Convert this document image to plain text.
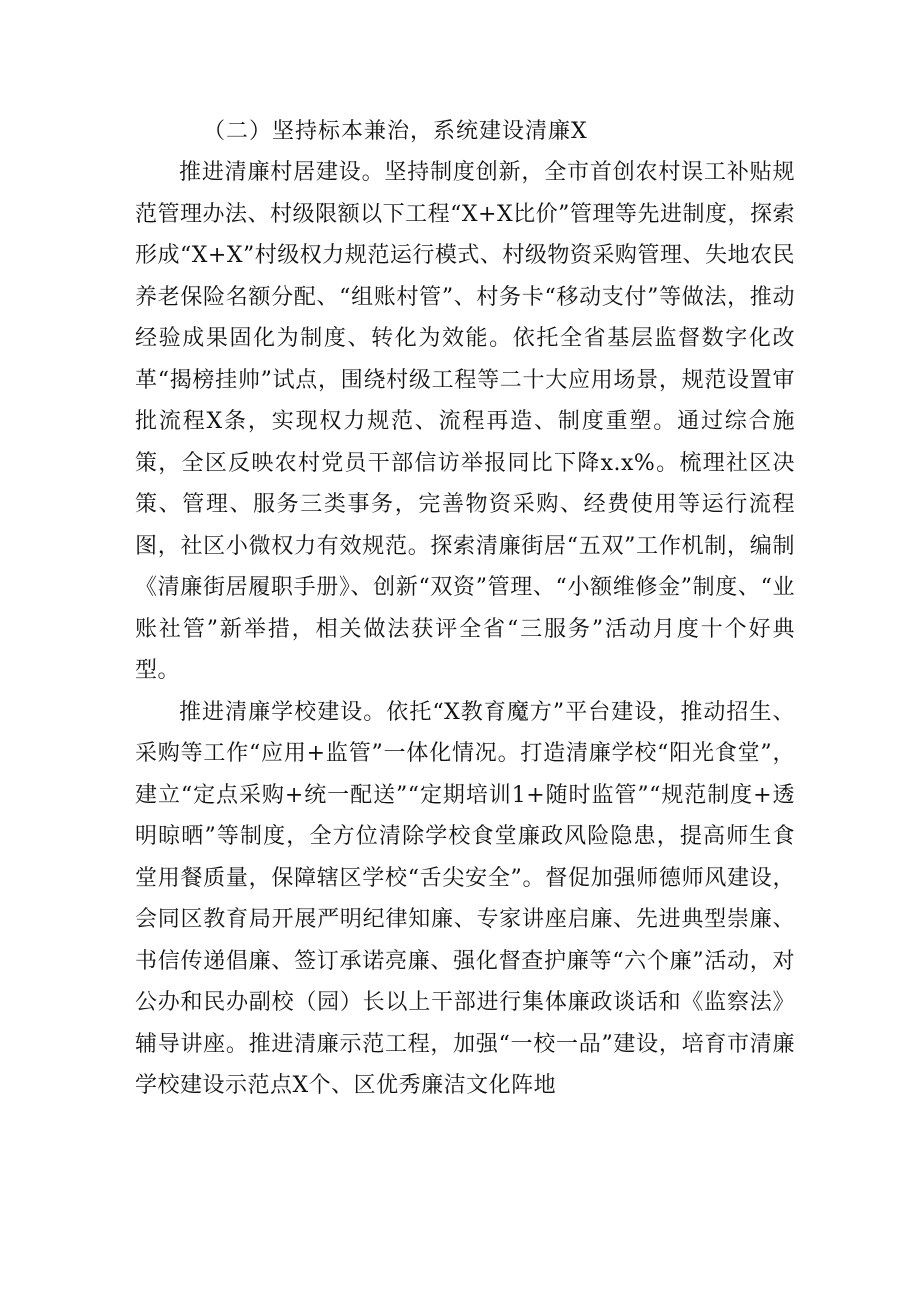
（二）坚持标本兼治，系统建设清廉X

推进清廉村居建设。坚持制度创新，全市首创农村误工补贴规范管理办法、村级限额以下工程“X+X比价”管理等先进制度，探索形成“X+X”村级权力规范运行模式、村级物资采购管理、失地农民养老保险名额分配、“组账村管”、村务卡“移动支付”等做法，推动经验成果固化为制度、转化为效能。依托全省基层监督数字化改革“揭榜挂帅”试点，围绕村级工程等二十大应用场景，规范设置审批流程X条，实现权力规范、流程再造、制度重塑。通过综合施策，全区反映农村党员干部信访举报同比下降x.x%。梳理社区决策、管理、服务三类事务，完善物资采购、经费使用等运行流程图，社区小微权力有效规范。探索清廉街居“五双”工作机制，编制《清廉街居履职手册》、创新“双资”管理、“小额维修金”制度、“业账社管”新举措，相关做法获评全省“三服务”活动月度十个好典型。

推进清廉学校建设。依托“X教育魔方”平台建设，推动招生、采购等工作“应用+监管”一体化情况。打造清廉学校“阳光食堂”，建立“定点采购+统一配送”“定期培训1+随时监管”“规范制度+透明晾晒”等制度，全方位清除学校食堂廉政风险隐患，提高师生食堂用餐质量，保障辖区学校“舌尖安全”。督促加强师德师风建设，会同区教育局开展严明纪律知廉、专家讲座启廉、先进典型崇廉、书信传递倡廉、签订承诺亮廉、强化督查护廉等“六个廉”活动，对公办和民办副校（园）长以上干部进行集体廉政谈话和《监察法》辅导讲座。推进清廉示范工程，加强“一校一品”建设，培育市清廉学校建设示范点X个、区优秀廉洁文化阵地
